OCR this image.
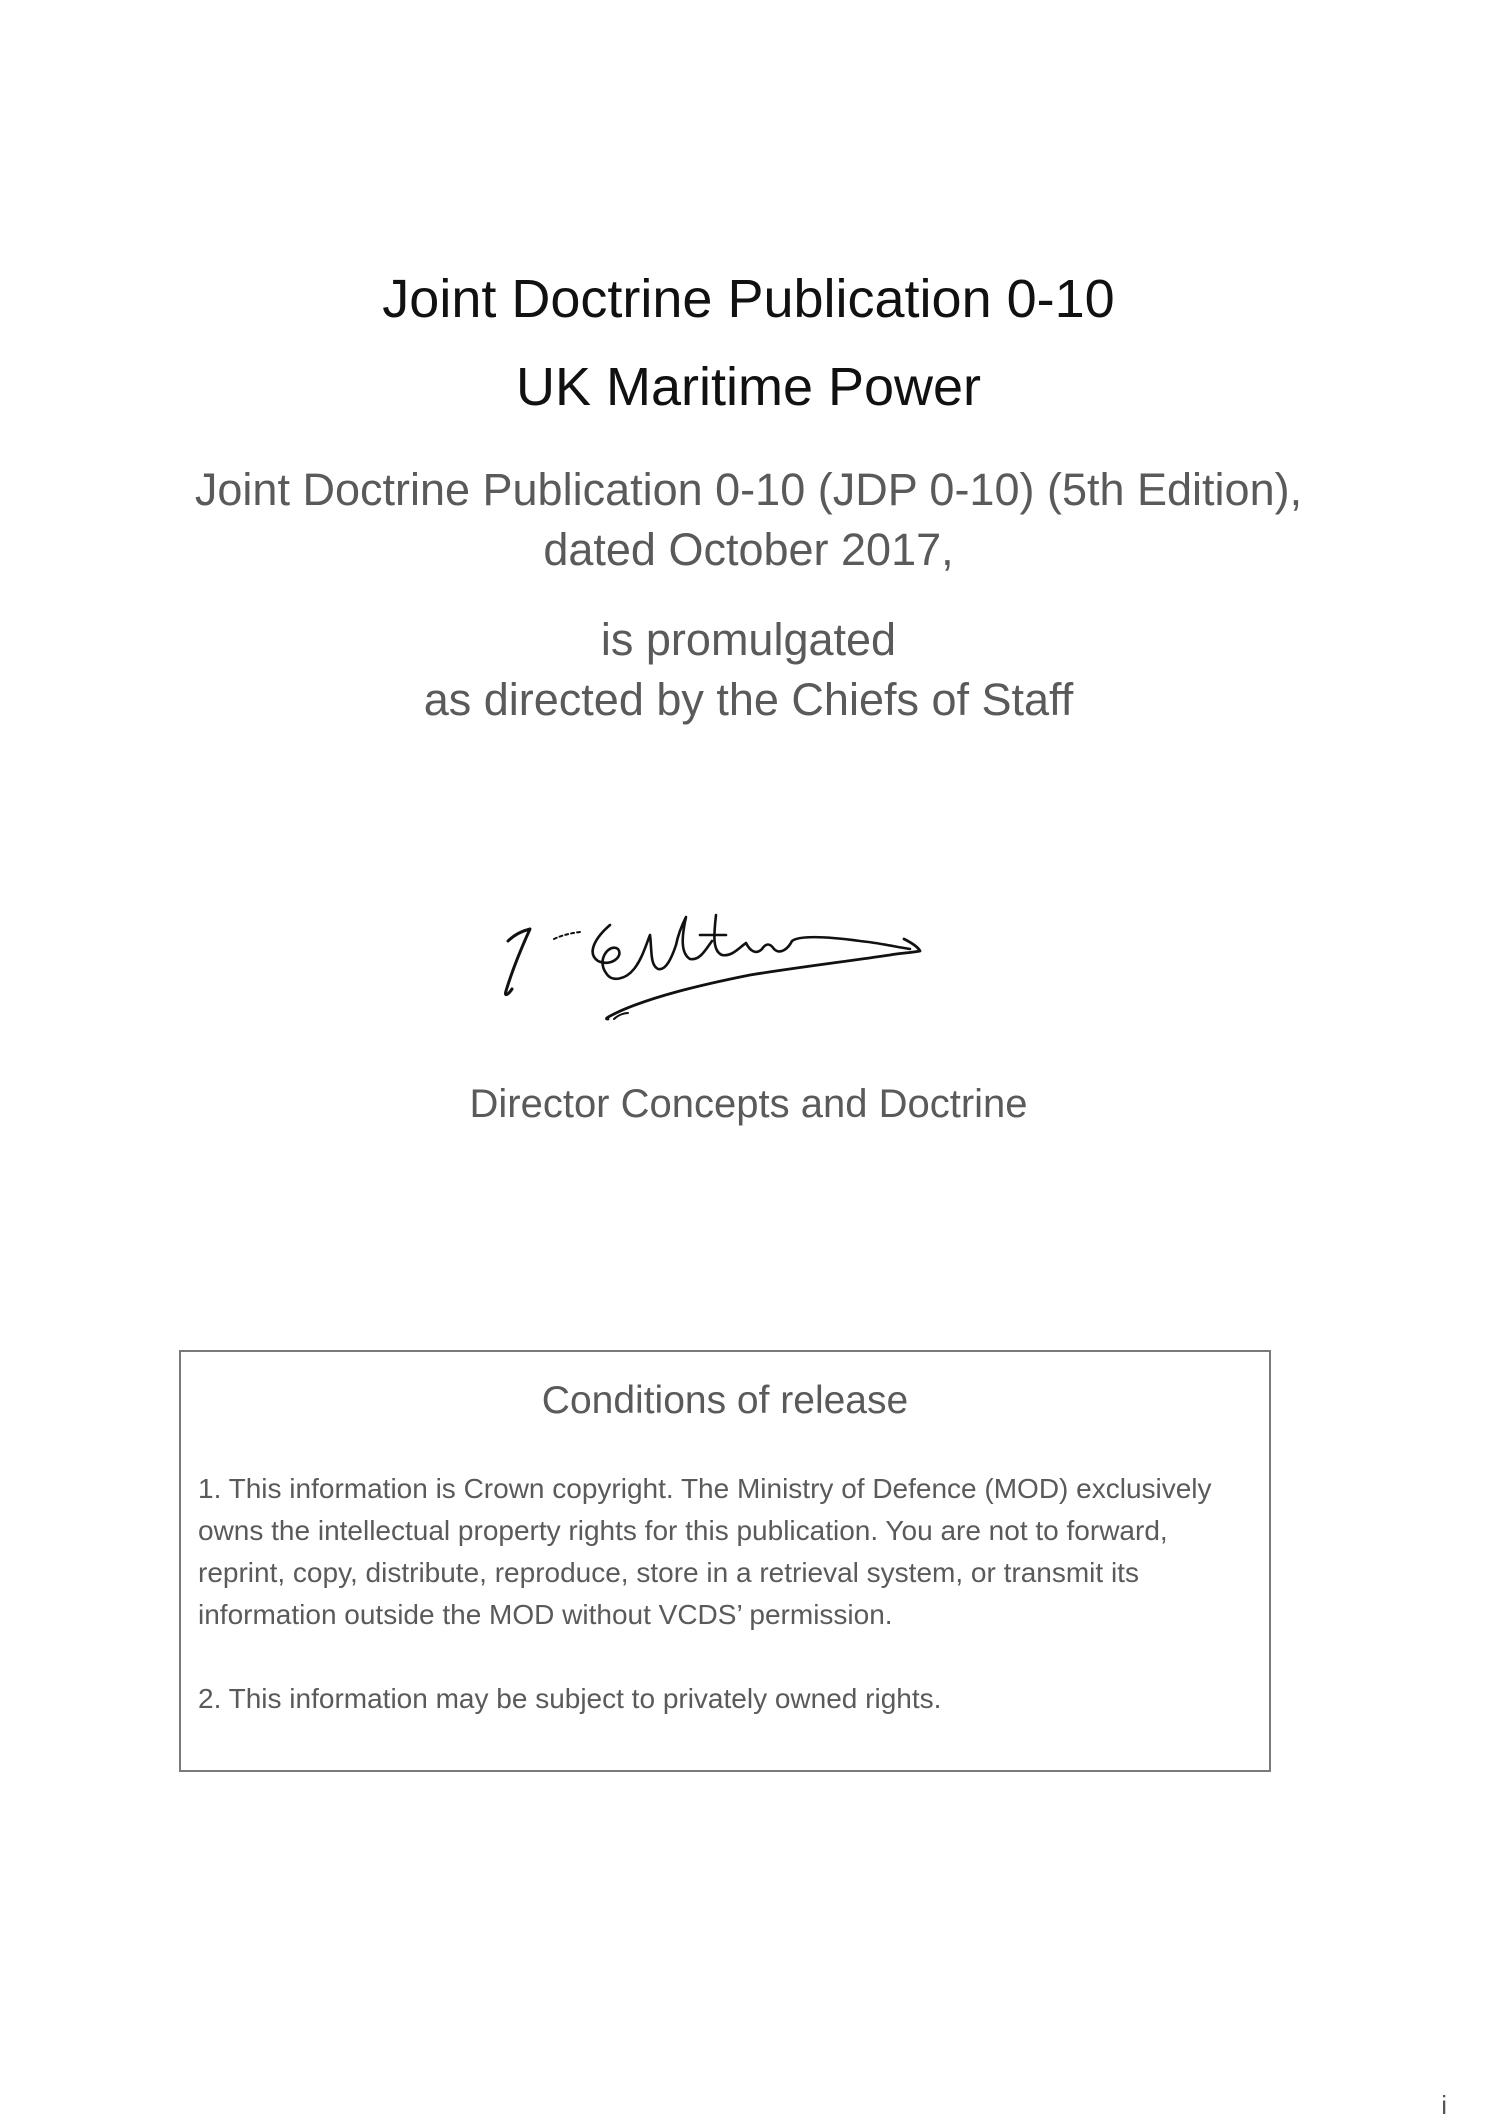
Joint Doctrine Publication 0-10
UK Maritime Power
Joint Doctrine Publication 0-10 (JDP 0-10) (5th Edition),
dated October 2017,
is promulgated
as directed by the Chiefs of Staff
Director Concepts and Doctrine
Conditions of release

1. This information is Crown copyright. The Ministry of Defence (MOD) exclusively owns the intellectual property rights for this publication. You are not to forward, reprint, copy, distribute, reproduce, store in a retrieval system, or transmit its information outside the MOD without VCDS’ permission.

2. This information may be subject to privately owned rights.

i
